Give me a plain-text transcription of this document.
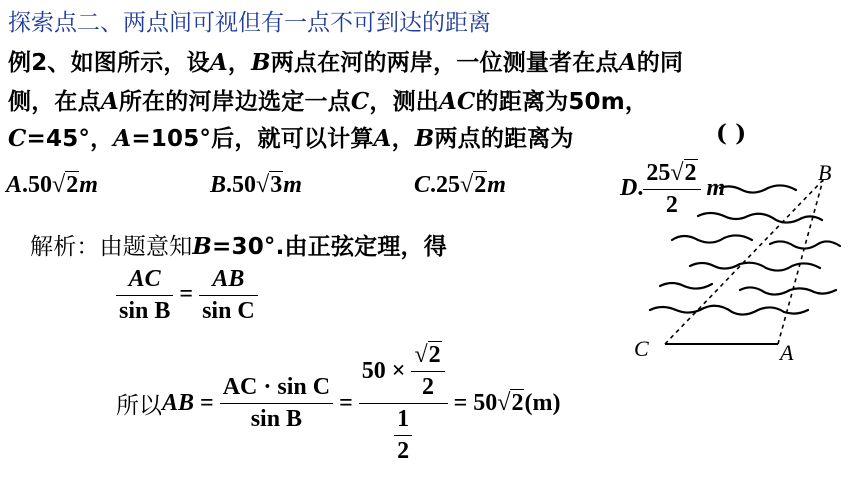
探索点二、两点间可视但有一点不可到达的距离
例2、如图所示，设A，B两点在河的两岸，一位测量者在点A的同
侧，在点A所在的河岸边选定一点C，测出AC的距离为50m，
C=45°，A=105°后，就可以计算A，B两点的距离为	( )
A.50√2m	B.50√3m	C.25√2m	D. $\frac{25√2}{2}$ m
解析：由题意知B=30°.由正弦定理，得
$\frac{AC}{\text{sin B}} = \frac{AB}{\text{sin C}}$
所以AB = $\frac{\text{AC · sin C}}{\text{sin B}} = \frac{50 \times \frac{√2}{2}}{\frac{1}{2}} = 50√2(m)$
B
C	A
